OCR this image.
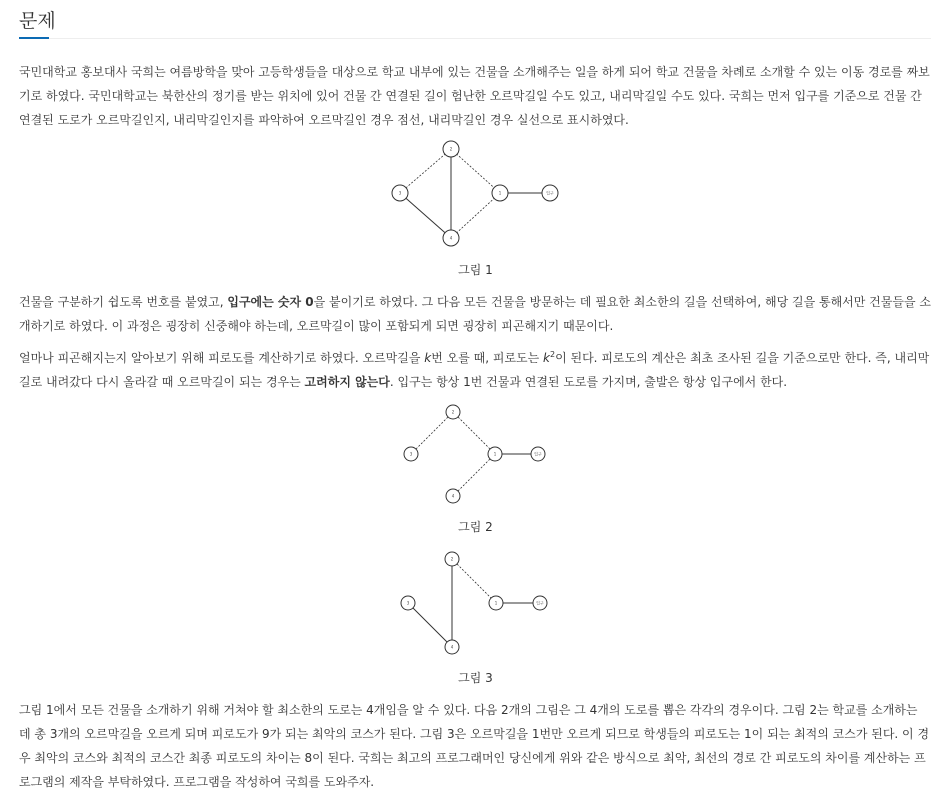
문제

국민대학교 홍보대사 국희는 여름방학을 맞아 고등학생들을 대상으로 학교 내부에 있는 건물을 소개해주는 일을 하게 되어 학교 건물을 차례로 소개할 수 있는 이동 경로를 짜보기로 하였다. 국민대학교는 북한산의 정기를 받는 위치에 있어 건물 간 연결된 길이 험난한 오르막길일 수도 있고, 내리막길일 수도 있다. 국희는 먼저 입구를 기준으로 건물 간 연결된 도로가 오르막길인지, 내리막길인지를 파악하여 오르막길인 경우 점선, 내리막길인 경우 실선으로 표시하였다.

2
3	1
4
입구
그림 1

건물을 구분하기 쉽도록 번호를 붙였고, 입구에는 숫자 0을 붙이기로 하였다. 그 다음 모든 건물을 방문하는 데 필요한 최소한의 길을 선택하여, 해당 길을 통해서만 건물들을 소개하기로 하였다. 이 과정은 굉장히 신중해야 하는데, 오르막길이 많이 포함되게 되면 굉장히 피곤해지기 때문이다.

얼마나 피곤해지는지 알아보기 위해 피로도를 계산하기로 하였다. 오르막길을 k번 오를 때, 피로도는 $k^2$이 된다. 피로도의 계산은 최초 조사된 길을 기준으로만 한다. 즉, 내리막길로 내려갔다 다시 올라갈 때 오르막길이 되는 경우는 고려하지 않는다. 입구는 항상 1번 건물과 연결된 도로를 가지며, 출발은 항상 입구에서 한다.

2
3	1
4
입구
그림 2
2
3	1
4
입구
그림 3

그림 1에서 모든 건물을 소개하기 위해 거쳐야 할 최소한의 도로는 4개임을 알 수 있다. 다음 2개의 그림은 그 4개의 도로를 뽑은 각각의 경우이다. 그림 2는 학교를 소개하는 데 총 3개의 오르막길을 오르게 되며 피로도가 9가 되는 최악의 코스가 된다. 그림 3은 오르막길을 1번만 오르게 되므로 학생들의 피로도는 1이 되는 최적의 코스가 된다. 이 경우 최악의 코스와 최적의 코스간 최종 피로도의 차이는 8이 된다. 국희는 최고의 프로그래머인 당신에게 위와 같은 방식으로 최악, 최선의 경로 간 피로도의 차이를 계산하는 프로그램의 제작을 부탁하였다. 프로그램을 작성하여 국희를 도와주자.
